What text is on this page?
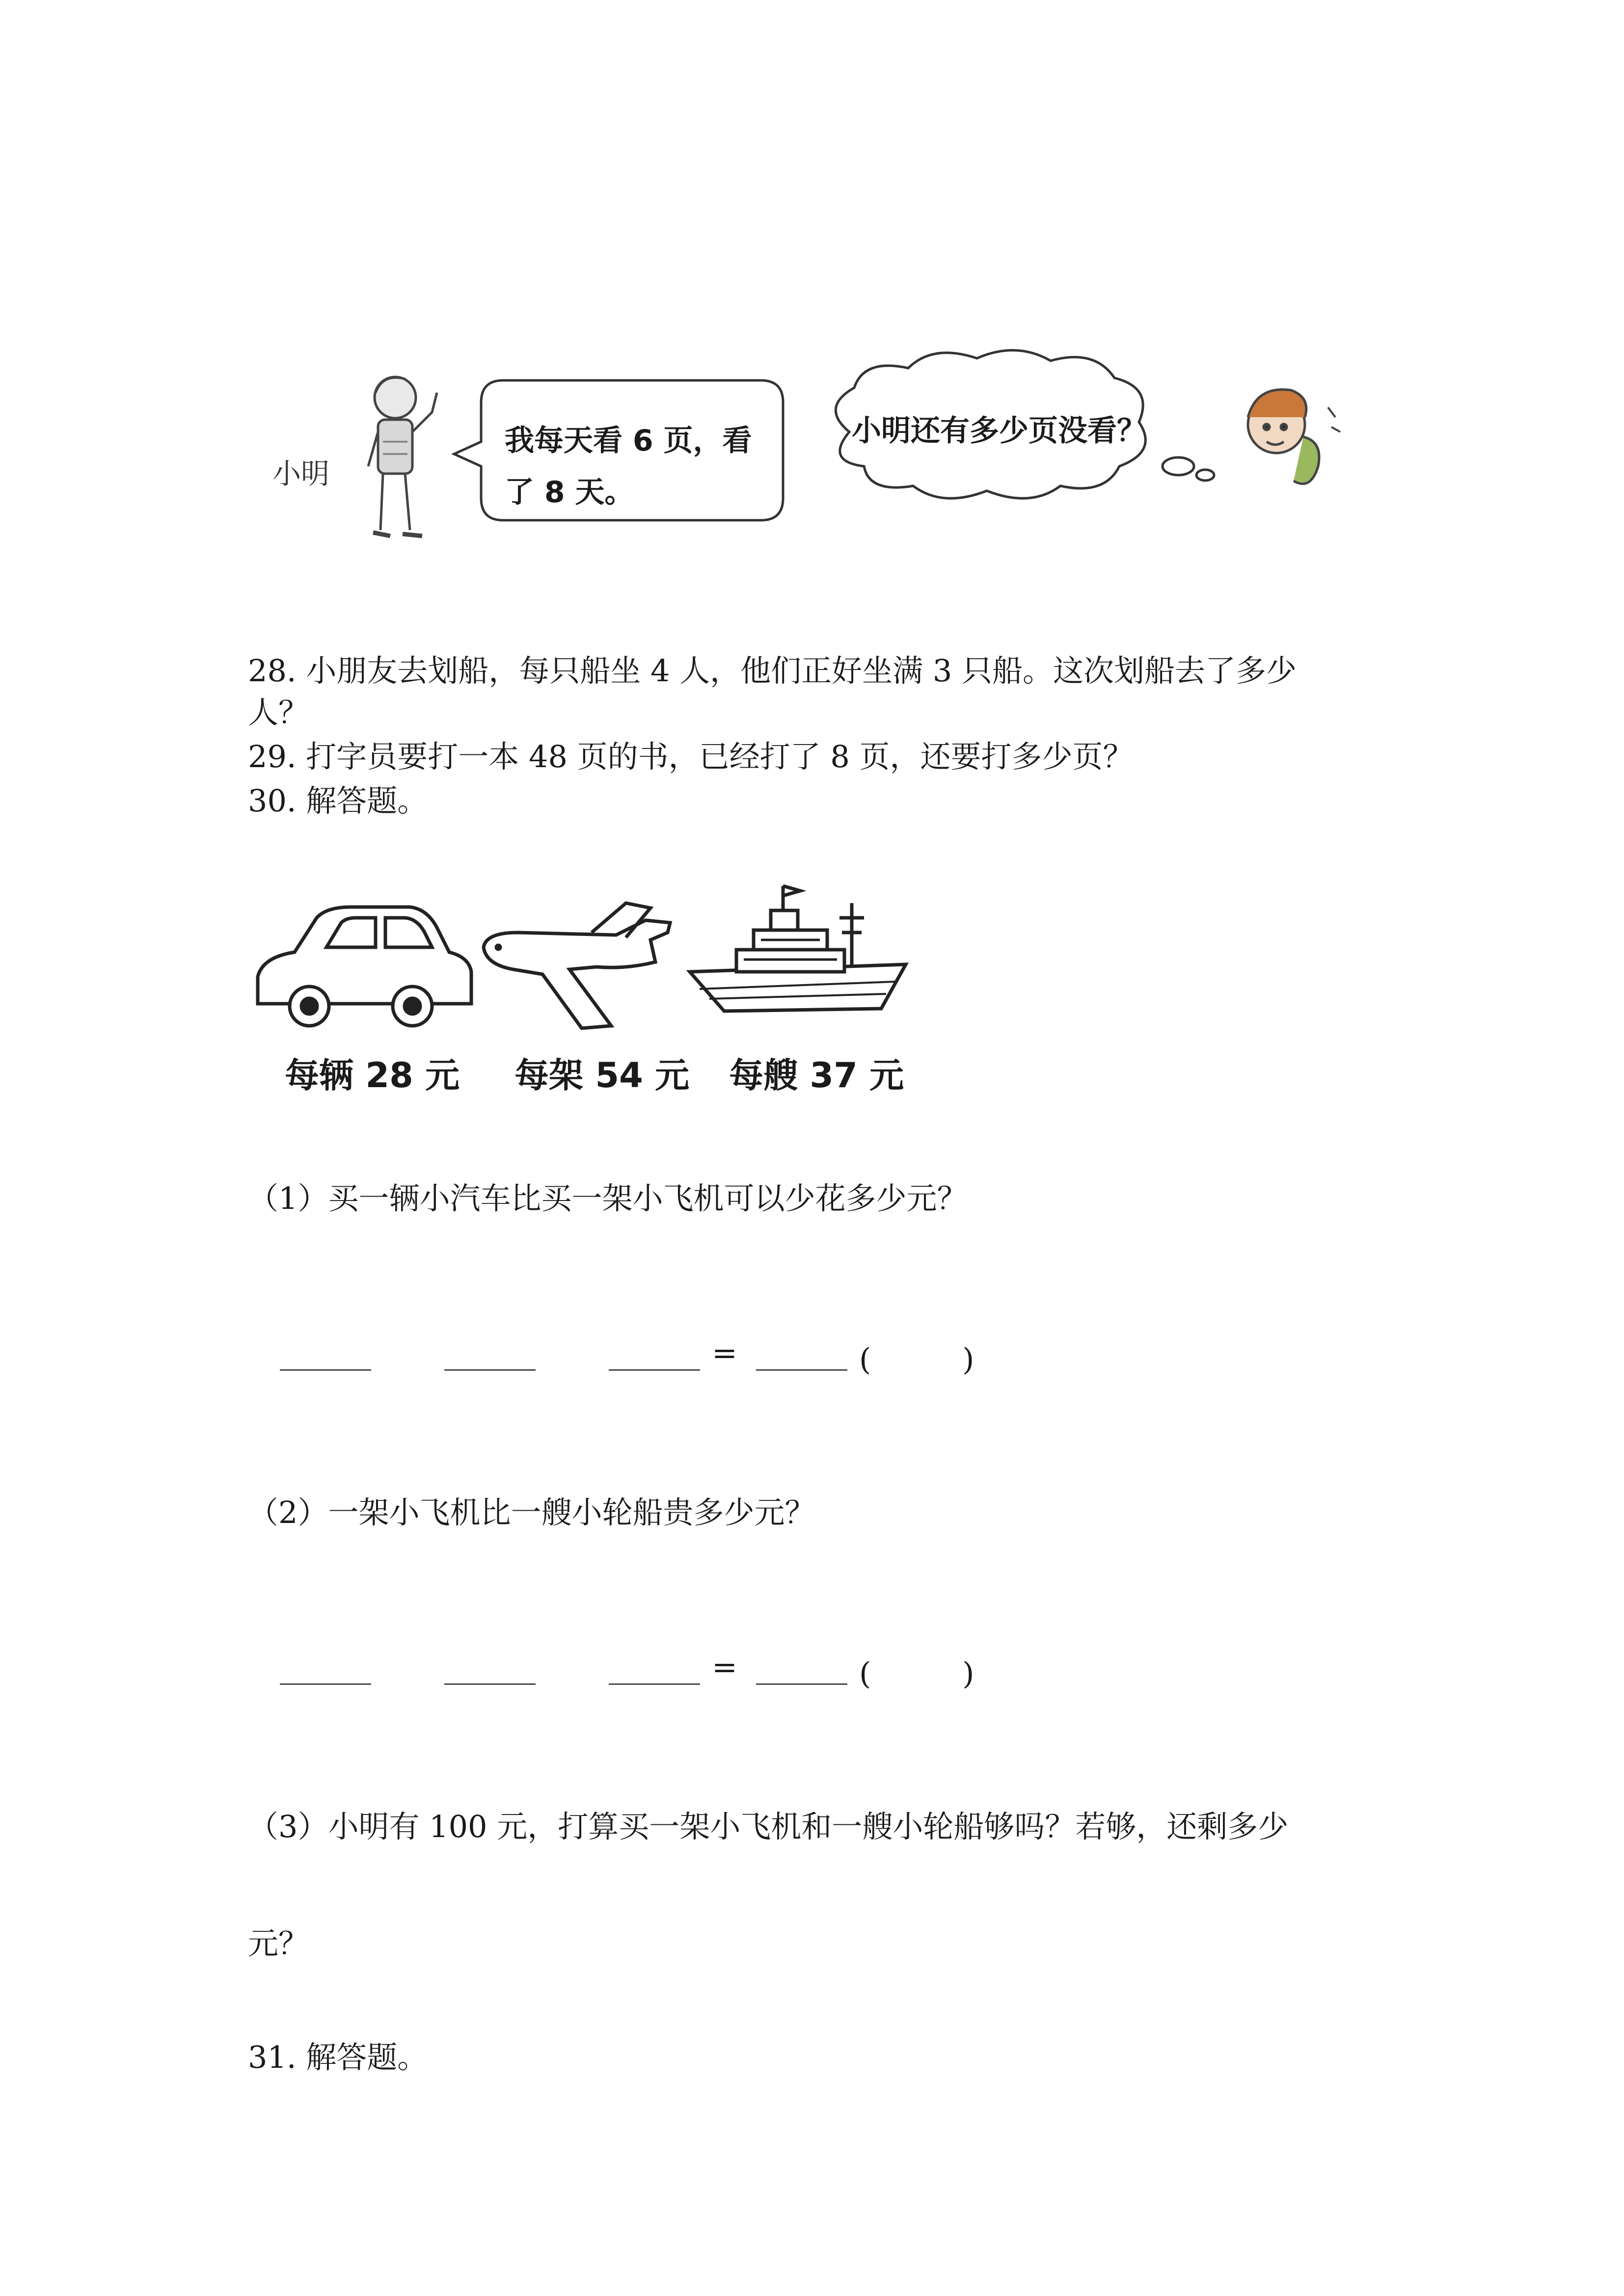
小明
我每天看 6 页，看
了 8 天。
小明还有多少页没看？
28. 小朋友去划船，每只船坐 4 人，他们正好坐满 3 只船。这次划船去了多少
人？
29. 打字员要打一本 48 页的书，已经打了 8 页，还要打多少页？
30. 解答题。
每辆 28 元 每架 54 元 每艘 37 元
（1）买一辆小汽车比买一架小飞机可以少花多少元？
______ ______ ______ = ______ (　　　)
（2）一架小飞机比一艘小轮船贵多少元？
______ ______ ______ = ______ (　　　)
（3）小明有 100 元，打算买一架小飞机和一艘小轮船够吗？若够，还剩多少
元？
31. 解答题。
